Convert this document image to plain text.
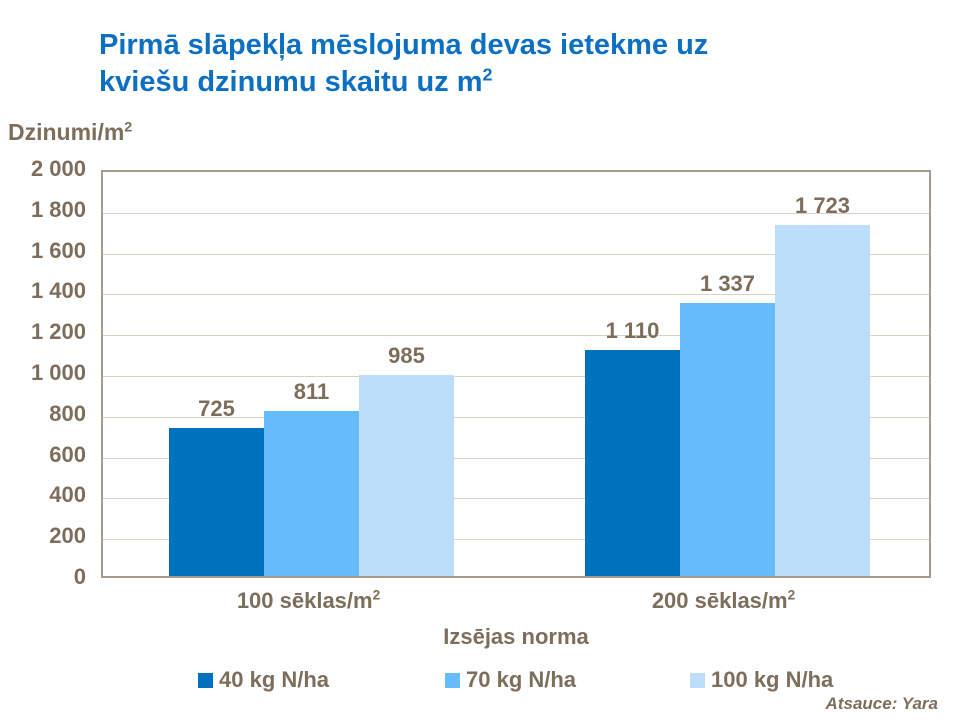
Pirmā slāpekļa mēslojuma devas ietekme uz kviešu dzinumu skaitu uz $m^2$
Dzinumi/$m^2$
2 000
1 800
1 600
1 400
1 200
1 000
800
600
400
200
0
725
1 110
811
1 337
985
1 723
100 sēklas/$m^2$	200 sēklas/$m^2$
Izsējas norma
40 kg N/ha	70 kg N/ha	100 kg N/ha
Atsauce: Yara
